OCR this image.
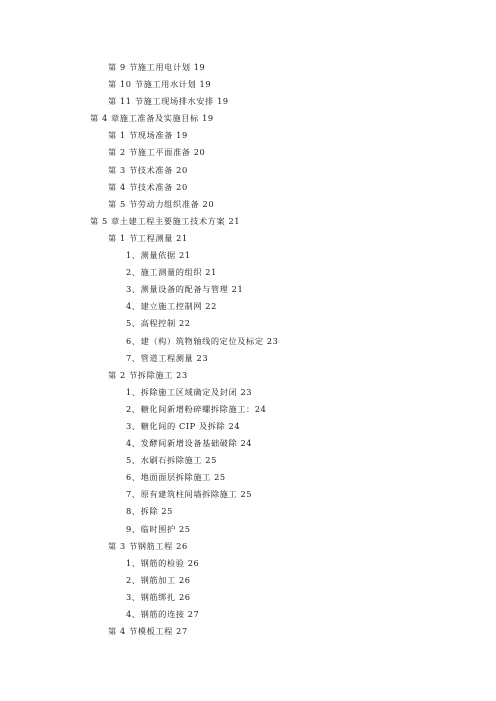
第 9 节施工用电计划 19
第 10 节施工用水计划 19
第 11 节施工现场排水安排 19
第 4 章施工准备及实施目标 19
第 1 节现场准备 19
第 2 节施工平面准备 20
第 3 节技术准备 20
第 4 节技术准备 20
第 5 节劳动力组织准备 20
第 5 章土建工程主要施工技术方案 21
第 1 节工程测量 21
1、测量依据 21
2、施工测量的组织 21
3、测量设备的配备与管理 21
4、建立施工控制网 22
5、高程控制 22
6、建（构）筑物轴线的定位及标定 23
7、管道工程测量 23
第 2 节拆除施工 23
1、拆除施工区域确定及封闭 23
2、糖化间新增粉碎螺拆除施工：24
3、糖化间的 CIP 及拆除 24
4、发酵间新增设备基础破除 24
5、水刷石拆除施工 25
6、地面面层拆除施工 25
7、原有建筑柱间墙拆除施工 25
8、拆除 25
9、临时围护 25
第 3 节钢筋工程 26
1、钢筋的检验 26
2、钢筋加工 26
3、钢筋绑扎 26
4、钢筋的连接 27
第 4 节模板工程 27
